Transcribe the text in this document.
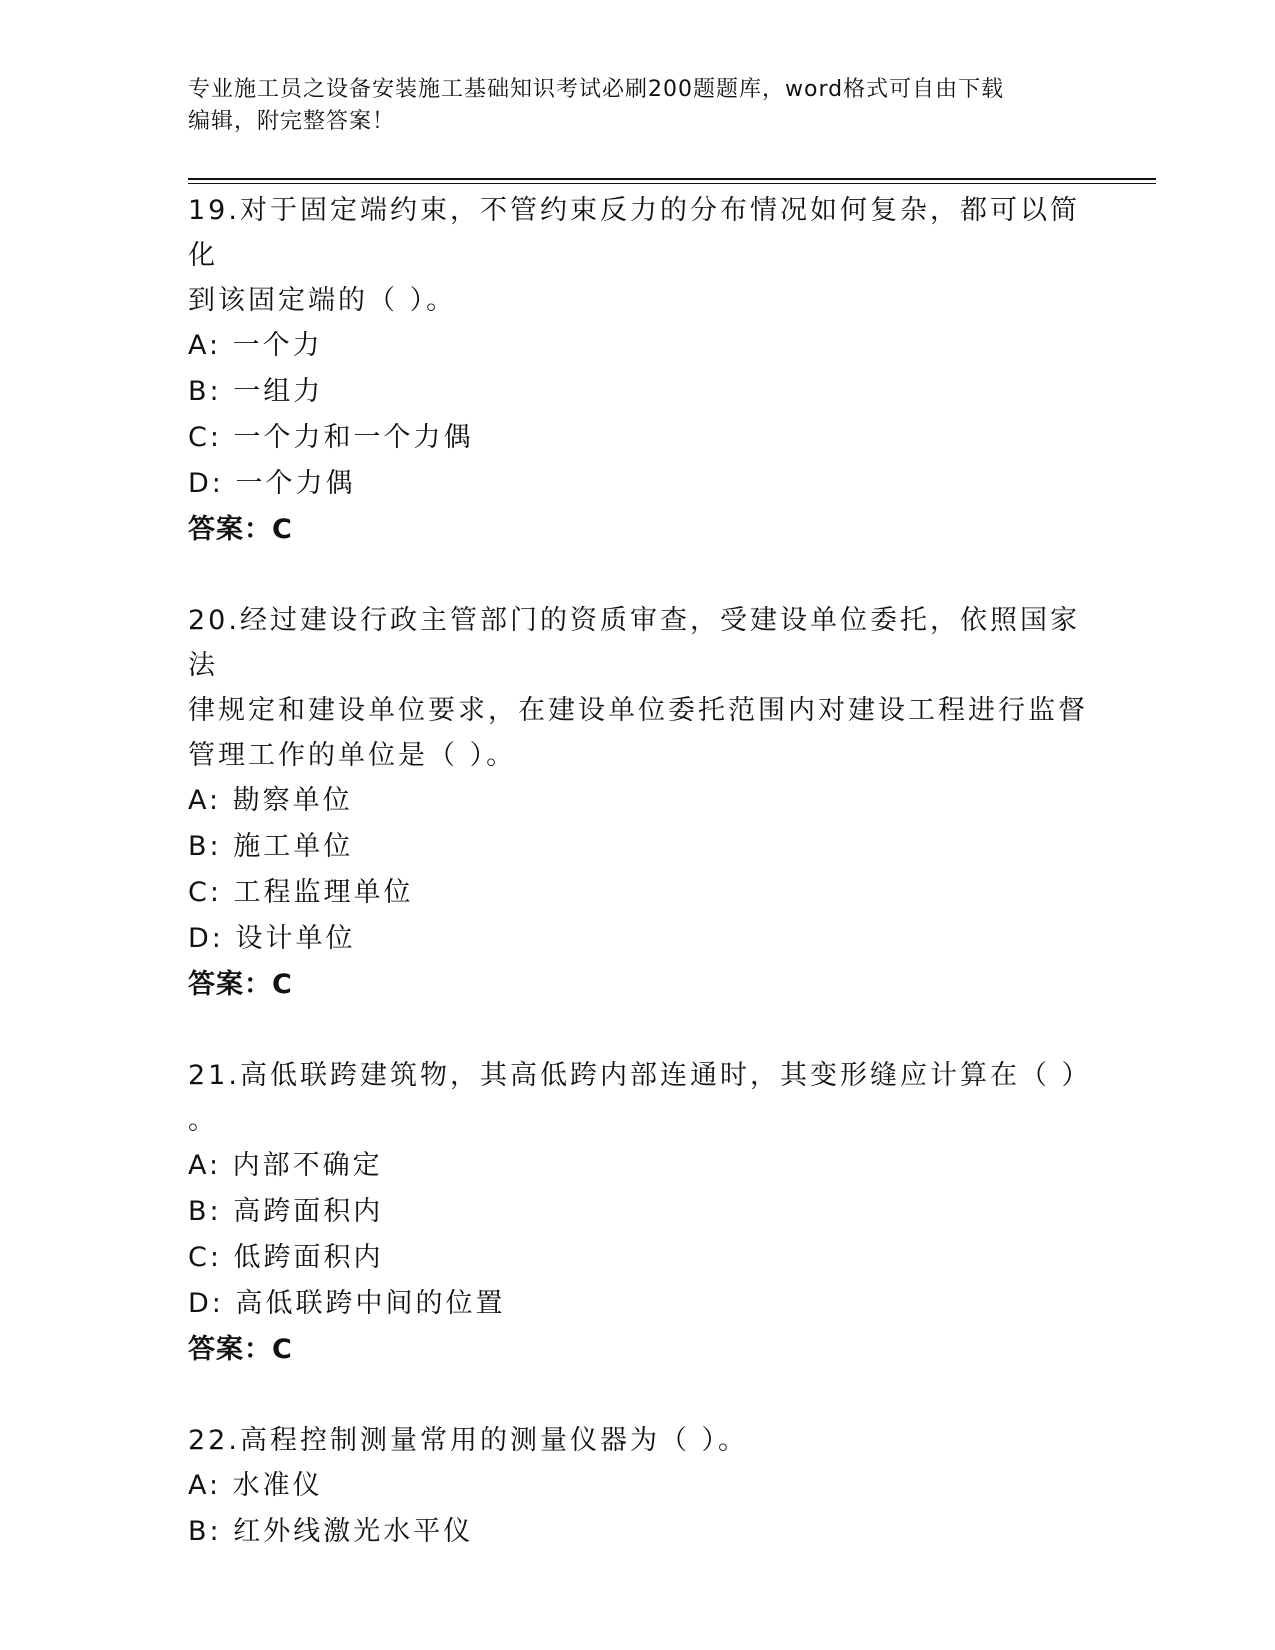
专业施工员之设备安装施工基础知识考试必刷200题题库，word格式可自由下载
编辑，附完整答案！

19.对于固定端约束，不管约束反力的分布情况如何复杂，都可以简化

到该固定端的（ ）。

A: 一个力

B: 一组力

C: 一个力和一个力偶

D: 一个力偶

答案：C

20.经过建设行政主管部门的资质审查，受建设单位委托，依照国家法

律规定和建设单位要求，在建设单位委托范围内对建设工程进行监督

管理工作的单位是（ ）。

A: 勘察单位

B: 施工单位

C: 工程监理单位

D: 设计单位

答案：C

21.高低联跨建筑物，其高低跨内部连通时，其变形缝应计算在（ ）

。

A: 内部不确定

B: 高跨面积内

C: 低跨面积内

D: 高低联跨中间的位置

答案：C

22.高程控制测量常用的测量仪器为（ ）。

A: 水准仪

B: 红外线激光水平仪
